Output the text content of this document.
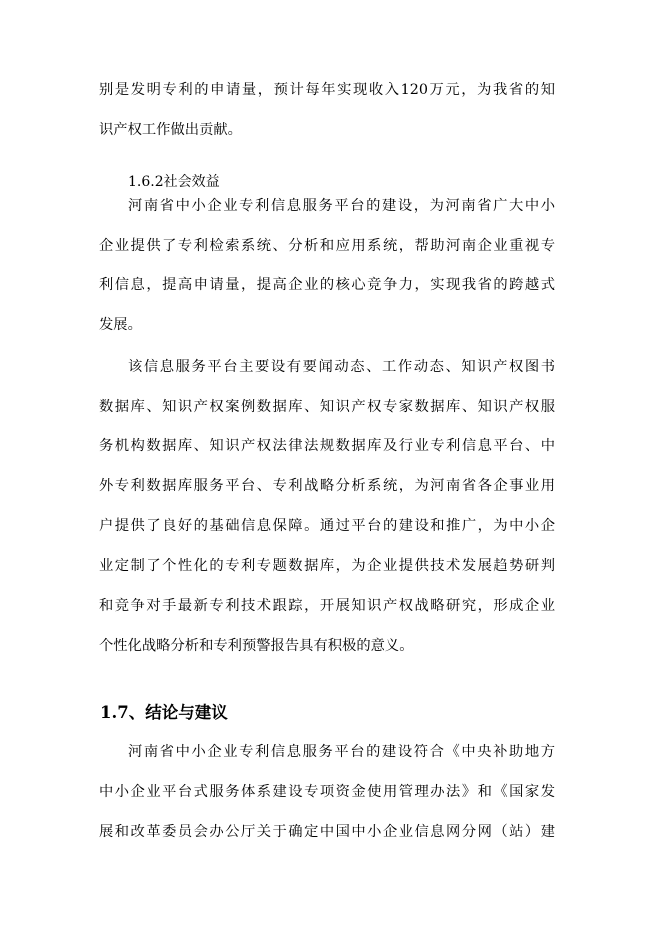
别是发明专利的申请量，预计每年实现收入120万元，为我省的知
识产权工作做出贡献。
1.6.2社会效益
河南省中小企业专利信息服务平台的建设，为河南省广大中小
企业提供了专利检索系统、分析和应用系统，帮助河南企业重视专
利信息，提高申请量，提高企业的核心竞争力，实现我省的跨越式
发展。
该信息服务平台主要设有要闻动态、工作动态、知识产权图书
数据库、知识产权案例数据库、知识产权专家数据库、知识产权服
务机构数据库、知识产权法律法规数据库及行业专利信息平台、中
外专利数据库服务平台、专利战略分析系统，为河南省各企事业用
户提供了良好的基础信息保障。通过平台的建设和推广，为中小企
业定制了个性化的专利专题数据库，为企业提供技术发展趋势研判
和竞争对手最新专利技术跟踪，开展知识产权战略研究，形成企业
个性化战略分析和专利预警报告具有积极的意义。
1.7、结论与建议
河南省中小企业专利信息服务平台的建设符合《中央补助地方
中小企业平台式服务体系建设专项资金使用管理办法》和《国家发
展和改革委员会办公厅关于确定中国中小企业信息网分网（站）建
